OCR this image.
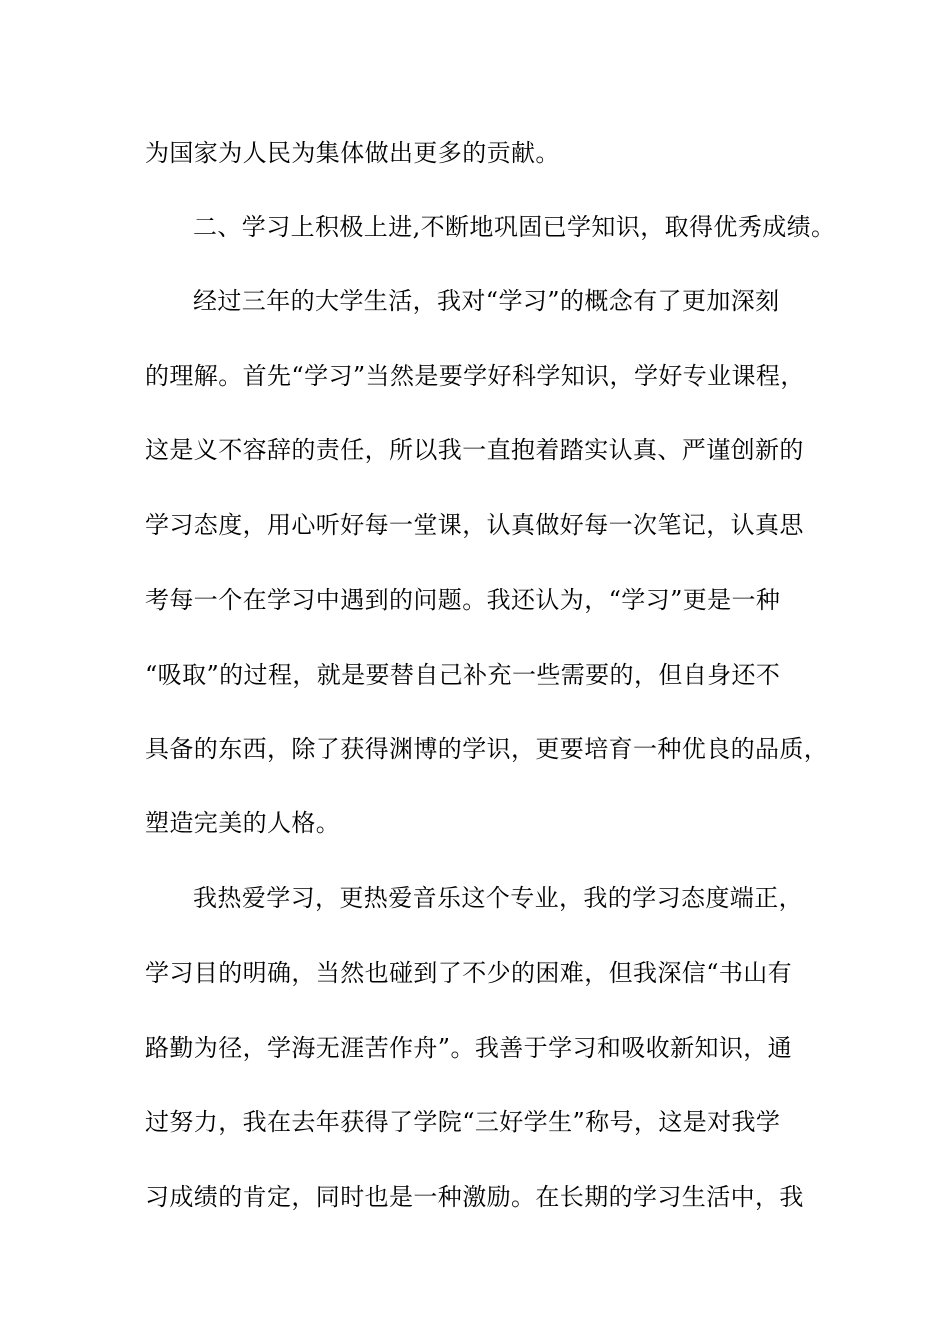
为国家为人民为集体做出更多的贡献。
二、学习上积极上进,不断地巩固已学知识，取得优秀成绩。
经过三年的大学生活，我对“学习”的概念有了更加深刻
的理解。首先“学习”当然是要学好科学知识，学好专业课程，
这是义不容辞的责任，所以我一直抱着踏实认真、严谨创新的
学习态度，用心听好每一堂课，认真做好每一次笔记，认真思
考每一个在学习中遇到的问题。我还认为，“学习”更是一种
“吸取”的过程，就是要替自己补充一些需要的，但自身还不
具备的东西，除了获得渊博的学识，更要培育一种优良的品质，
塑造完美的人格。
我热爱学习，更热爱音乐这个专业，我的学习态度端正，
学习目的明确，当然也碰到了不少的困难，但我深信“书山有
路勤为径，学海无涯苦作舟”。我善于学习和吸收新知识，通
过努力，我在去年获得了学院“三好学生”称号，这是对我学
习成绩的肯定，同时也是一种激励。在长期的学习生活中，我
